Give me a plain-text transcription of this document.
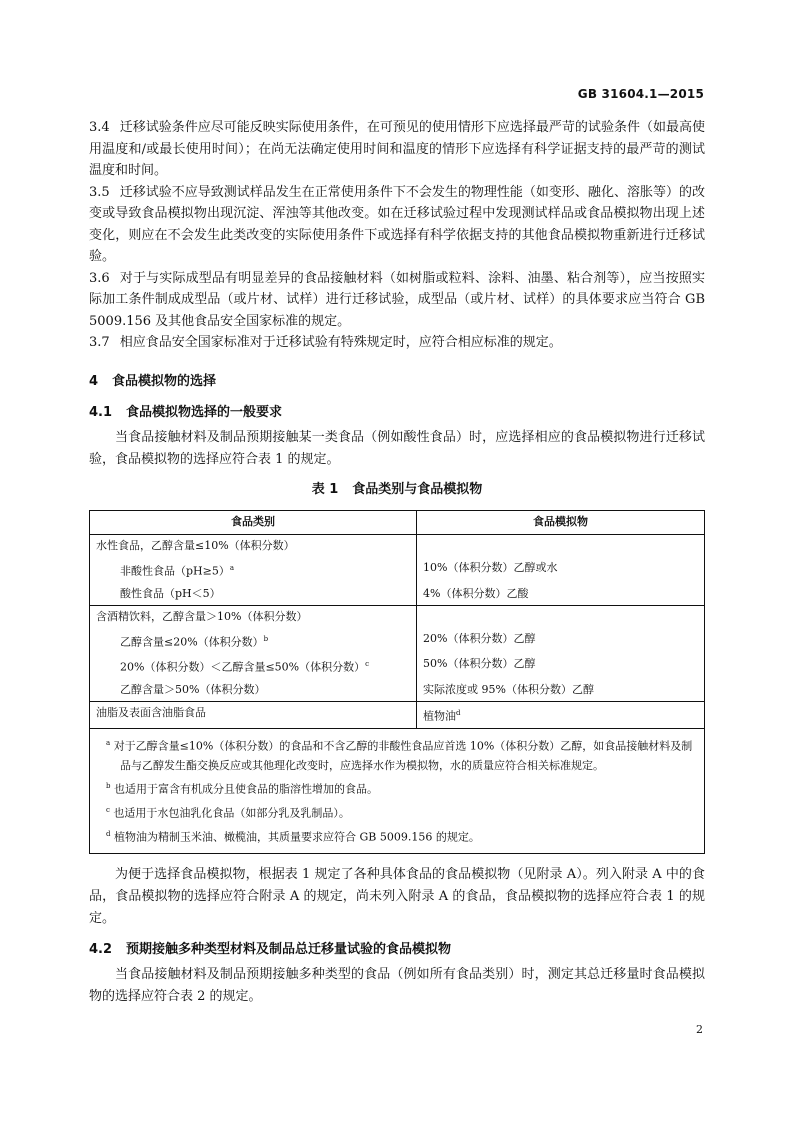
GB 31604.1—2015

3.4 迁移试验条件应尽可能反映实际使用条件，在可预见的使用情形下应选择最严苛的试验条件（如最高使用温度和/或最长使用时间）；在尚无法确定使用时间和温度的情形下应选择有科学证据支持的最严苛的测试温度和时间。

3.5 迁移试验不应导致测试样品发生在正常使用条件下不会发生的物理性能（如变形、融化、溶胀等）的改变或导致食品模拟物出现沉淀、浑浊等其他改变。如在迁移试验过程中发现测试样品或食品模拟物出现上述变化，则应在不会发生此类改变的实际使用条件下或选择有科学依据支持的其他食品模拟物重新进行迁移试验。

3.6 对于与实际成型品有明显差异的食品接触材料（如树脂或粒料、涂料、油墨、粘合剂等），应当按照实际加工条件制成成型品（或片材、试样）进行迁移试验，成型品（或片材、试样）的具体要求应当符合 GB 5009.156 及其他食品安全国家标准的规定。

3.7 相应食品安全国家标准对于迁移试验有特殊规定时，应符合相应标准的规定。

4 食品模拟物的选择
4.1 食品模拟物选择的一般要求

当食品接触材料及制品预期接触某一类食品（例如酸性食品）时，应选择相应的食品模拟物进行迁移试验，食品模拟物的选择应符合表 1 的规定。

表 1 食品类别与食品模拟物
食品类别	食品模拟物
水性食品，乙醇含量≤10%（体积分数）	
非酸性食品（pH≥5）$^a$	10%（体积分数）乙醇或水
酸性食品（pH＜5）	4%（体积分数）乙酸
含酒精饮料，乙醇含量＞10%（体积分数）	
乙醇含量≤20%（体积分数）$^b$	20%（体积分数）乙醇
20%（体积分数）＜乙醇含量≤50%（体积分数）$^c$	50%（体积分数）乙醇
乙醇含量＞50%（体积分数）	实际浓度或 95%（体积分数）乙醇
油脂及表面含油脂食品	植物油$^d$

$^a$ 对于乙醇含量≤10%（体积分数）的食品和不含乙醇的非酸性食品应首选 10%（体积分数）乙醇，如食品接触材料及制品与乙醇发生酯交换反应或其他理化改变时，应选择水作为模拟物，水的质量应符合相关标准规定。

$^b$ 也适用于富含有机成分且使食品的脂溶性增加的食品。

$^c$ 也适用于水包油乳化食品（如部分乳及乳制品）。

$^d$ 植物油为精制玉米油、橄榄油，其质量要求应符合 GB 5009.156 的规定。

为便于选择食品模拟物，根据表 1 规定了各种具体食品的食品模拟物（见附录 A）。列入附录 A 中的食品，食品模拟物的选择应符合附录 A 的规定，尚未列入附录 A 的食品，食品模拟物的选择应符合表 1 的规定。

4.2 预期接触多种类型材料及制品总迁移量试验的食品模拟物

当食品接触材料及制品预期接触多种类型的食品（例如所有食品类别）时，测定其总迁移量时食品模拟物的选择应符合表 2 的规定。

2
